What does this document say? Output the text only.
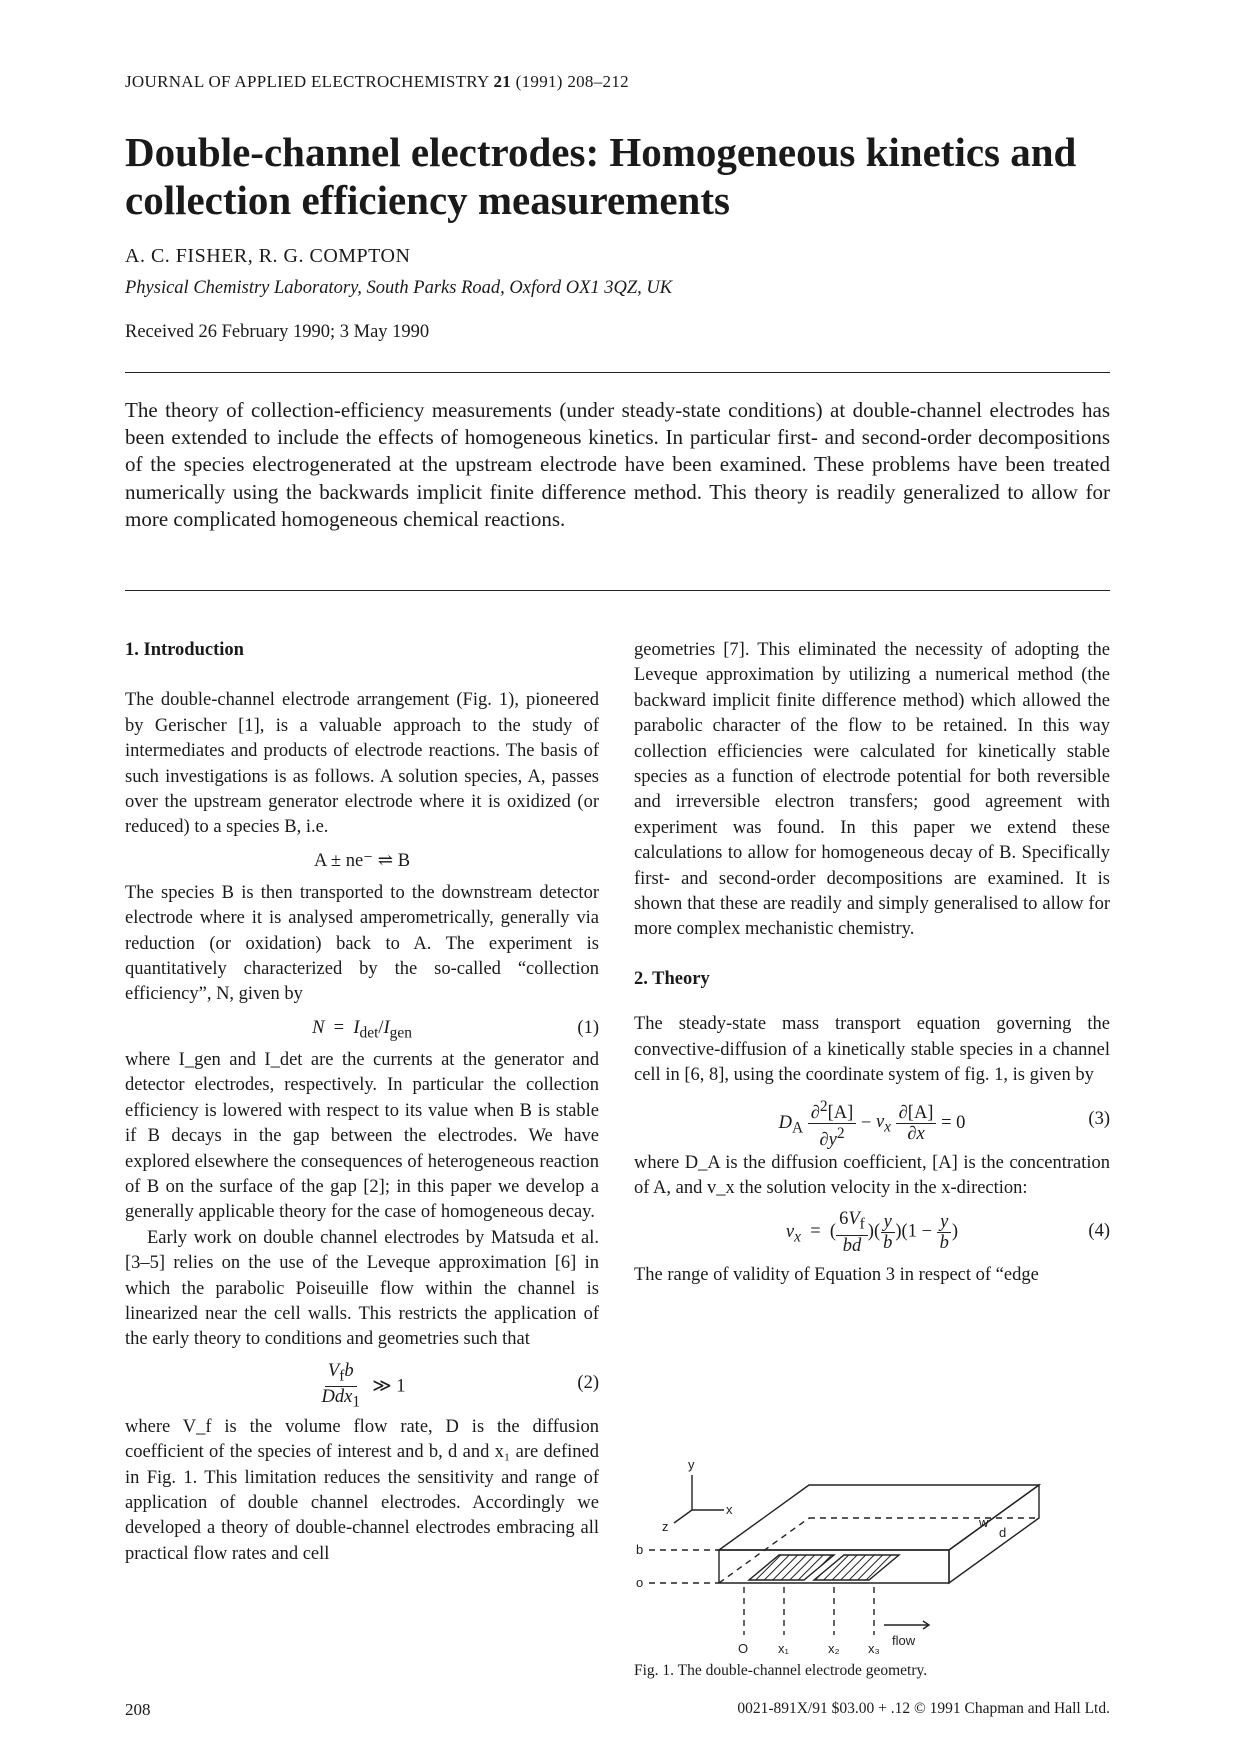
JOURNAL OF APPLIED ELECTROCHEMISTRY 21 (1991) 208–212
Double-channel electrodes: Homogeneous kinetics and collection efficiency measurements
A. C. FISHER, R. G. COMPTON
Physical Chemistry Laboratory, South Parks Road, Oxford OX1 3QZ, UK
Received 26 February 1990; 3 May 1990

The theory of collection-efficiency measurements (under steady-state conditions) at double-channel electrodes has been extended to include the effects of homogeneous kinetics. In particular first- and second-order decompositions of the species electrogenerated at the upstream electrode have been examined. These problems have been treated numerically using the backwards implicit finite difference method. This theory is readily generalized to allow for more complicated homogeneous chemical reactions.

1. Introduction

The double-channel electrode arrangement (Fig. 1), pioneered by Gerischer [1], is a valuable approach to the study of intermediates and products of electrode reactions. The basis of such investigations is as follows. A solution species, A, passes over the upstream generator electrode where it is oxidized (or reduced) to a species B, i.e.

A ± ne⁻ ⇌ B

The species B is then transported to the downstream detector electrode where it is analysed amperometrically, generally via reduction (or oxidation) back to A. The experiment is quantitatively characterized by the so-called “collection efficiency”, N, given by

$N = I_{det}/I_{gen}$	(1)

where I_gen and I_det are the currents at the generator and detector electrodes, respectively. In particular the collection efficiency is lowered with respect to its value when B is stable if B decays in the gap between the electrodes. We have explored elsewhere the consequences of heterogeneous reaction of B on the surface of the gap [2]; in this paper we develop a generally applicable theory for the case of homogeneous decay.

Early work on double channel electrodes by Matsuda et al. [3–5] relies on the use of the Leveque approximation [6] in which the parabolic Poiseuille flow within the channel is linearized near the cell walls. This restricts the application of the early theory to conditions and geometries such that

$\frac{V_fb}{Ddx_1}$ ≫ 1	(2)

where V_f is the volume flow rate, D is the diffusion coefficient of the species of interest and b, d and x₁ are defined in Fig. 1. This limitation reduces the sensitivity and range of application of double channel electrodes. Accordingly we developed a theory of double-channel electrodes embracing all practical flow rates and cell

geometries [7]. This eliminated the necessity of adopting the Leveque approximation by utilizing a numerical method (the backward implicit finite difference method) which allowed the parabolic character of the flow to be retained. In this way collection efficiencies were calculated for kinetically stable species as a function of electrode potential for both reversible and irreversible electron transfers; good agreement with experiment was found. In this paper we extend these calculations to allow for homogeneous decay of B. Specifically first- and second-order decompositions are examined. It is shown that these are readily and simply generalised to allow for more complex mechanistic chemistry.

2. Theory

The steady-state mass transport equation governing the convective-diffusion of a kinetically stable species in a channel cell in [6, 8], using the coordinate system of fig. 1, is given by

$D_A \frac{\partial^2[A]}{\partial y^2} - v_x \frac{\partial[A]}{\partial x} = 0$	(3)

where D_A is the diffusion coefficient, [A] is the concentration of A, and v_x the solution velocity in the x-direction:

$v_x$  =  ( $\frac{6V_f}{bd}$ )( $\frac{y}{b} )(1 - \frac{y}{b}$ )	(4)

The range of validity of Equation 3 in respect of “edge

y
x
z
b
o
w
d
flow
O x₁	x₂ x₃
Fig. 1. The double-channel electrode geometry.
208	0021-891X/91 $03.00 + .12 © 1991 Chapman and Hall Ltd.
